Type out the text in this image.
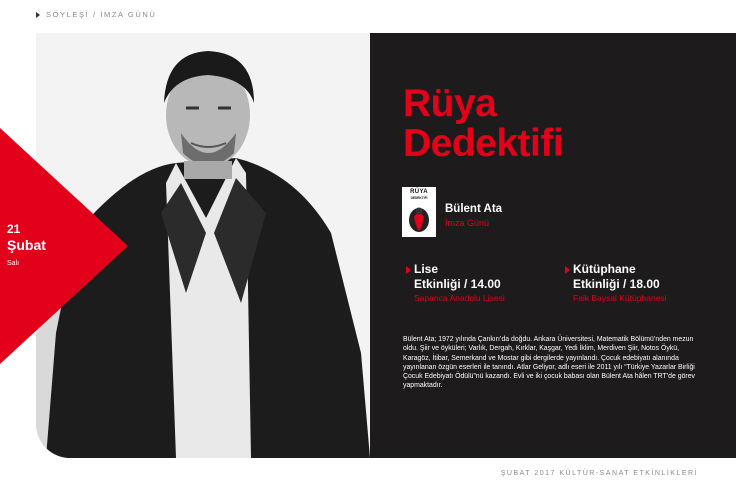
SÖYLEŞİ / İMZA GÜNÜ
21
Şubat
Salı
Rüya
Dedektifi
RÜYA
DEDEKTİFİ
Bülent Ata
İmza Günü
Lise
Etkinliği / 14.00
Sapanca Anadolu Lisesi
Kütüphane
Etkinliği / 18.00
Faik Baysal Kütüphanesi
Bülent Ata; 1972 yılında Çankırı’da doğdu. Ankara Üniversitesi, Matematik Bölümü’nden mezun oldu. Şiir ve öyküleri; Varlık, Dergah, Kırklar, Kaşgar, Yedi İklim, Merdiven Şiir, Notos Öykü, Karagöz, İtibar, Semerkand ve Mostar gibi dergilerde yayınlandı. Çocuk edebiyatı alanında yayınlanan özgün eserleri ile tanındı. Atlar Geliyor, adlı eseri ile 2011 yılı “Türkiye Yazarlar Birliği Çocuk Edebiyatı Ödülü”nü kazandı. Evli ve iki çocuk babası olan Bülent Ata hâlen TRT’de görev yapmaktadır.
ŞUBAT 2017 KÜLTÜR-SANAT ETKİNLİKLERİ
